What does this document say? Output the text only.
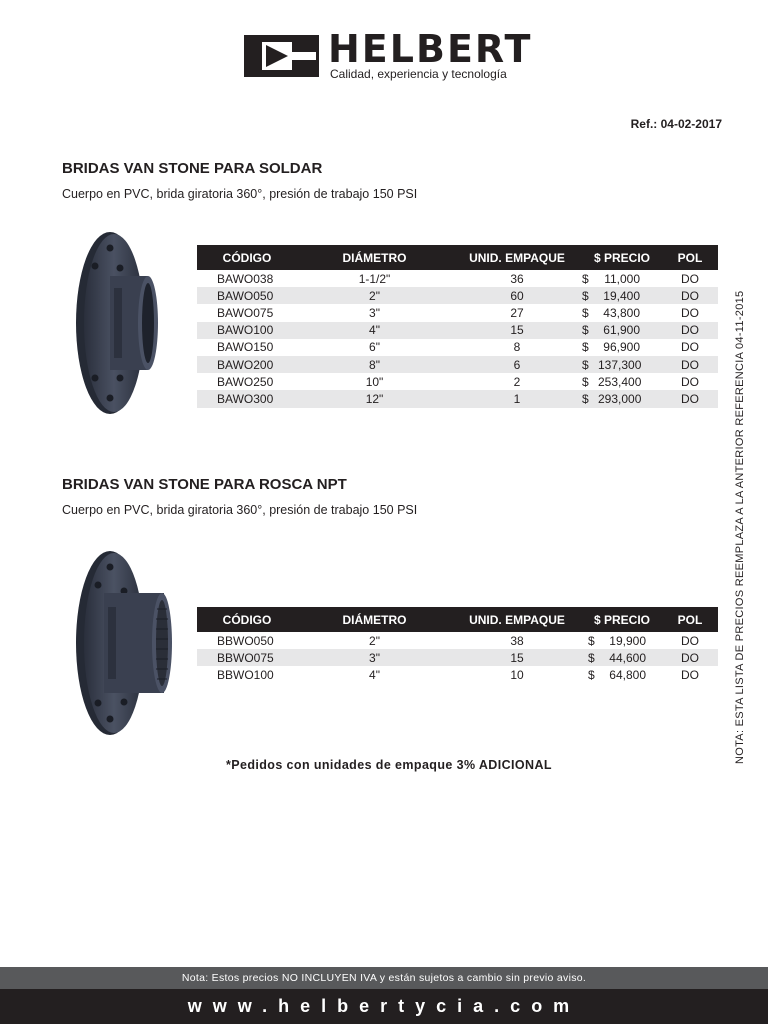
HELBERT
Calidad, experiencia y tecnología
Ref.: 04-02-2017
BRIDAS VAN STONE PARA SOLDAR
Cuerpo en PVC, brida giratoria 360°, presión de trabajo 150 PSI
CÓDIGO	DIÁMETRO	UNID. EMPAQUE	$ PRECIO	POL
BAWO038	1-1/2"	36	$ 11,000	DO
BAWO050	2"	60	$ 19,400	DO
BAWO075	3"	27	$ 43,800	DO
BAWO100	4"	15	$ 61,900	DO
BAWO150	6"	8	$ 96,900	DO
BAWO200	8"	6	$ 137,300	DO
BAWO250	10"	2	$ 253,400	DO
BAWO300	12"	1	$ 293,000	DO
BRIDAS VAN STONE PARA ROSCA NPT
Cuerpo en PVC, brida giratoria 360°, presión de trabajo 150 PSI
CÓDIGO	DIÁMETRO	UNID. EMPAQUE	$ PRECIO	POL
BBWO050	2"	38	$ 19,900	DO
BBWO075	3"	15	$ 44,600	DO
BBWO100	4"	10	$ 64,800	DO
*Pedidos con unidades de empaque 3% ADICIONAL
NOTA: ESTA LISTA DE PRECIOS REEMPLAZA A LA ANTERIOR REFERENCIA 04-11-2015
Nota: Estos precios NO INCLUYEN IVA y están sujetos a cambio sin previo aviso.
www.helbertycia.com
